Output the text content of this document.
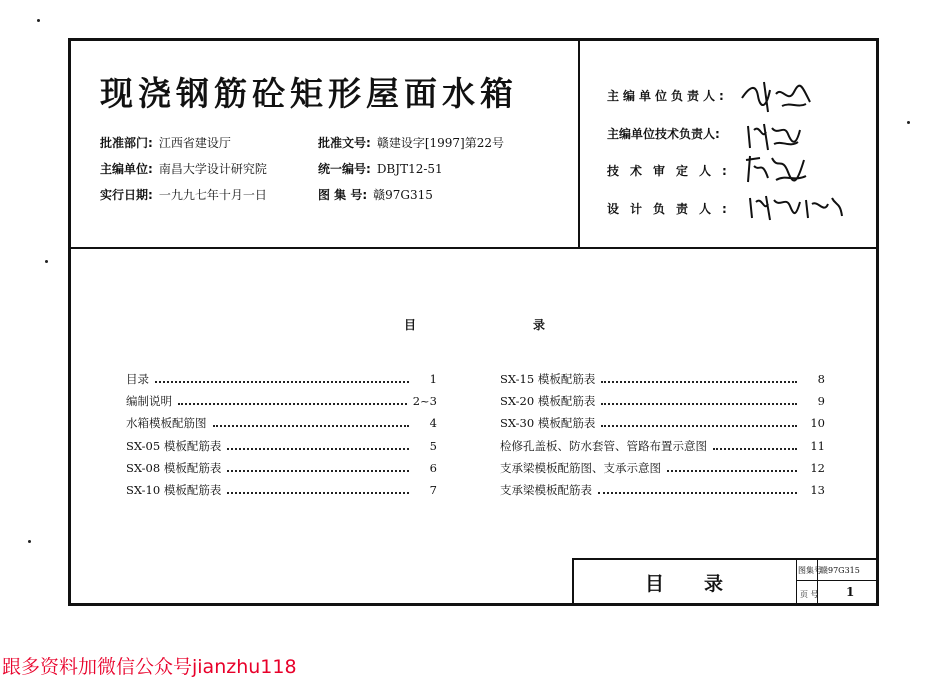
现浇钢筋砼矩形屋面水箱
批准部门: 江西省建设厅	批准文号: 赣建设字[1997]第22号
主编单位: 南昌大学设计研究院	统一编号: DBJT12-51
实行日期: 一九九七年十月一日	图 集 号: 赣97G315
主编单位负责人:
主编单位技术负责人:
技术审定人:
设计负责人:
目	录
目录	1
编制说明	2~3
水箱模板配筋图	4
SX-05 模板配筋表	5
SX-08 模板配筋表	6
SX-10 模板配筋表	7
SX-15 模板配筋表	8
SX-20 模板配筋表	9
SX-30 模板配筋表	10
检修孔盖板、防水套管、管路布置示意图	11
支承梁模板配筋图、支承示意图	12
支承梁模板配筋表	13
目录
图集号
赣97G315
页 号 1
跟多资料加微信公众号jianzhu118
